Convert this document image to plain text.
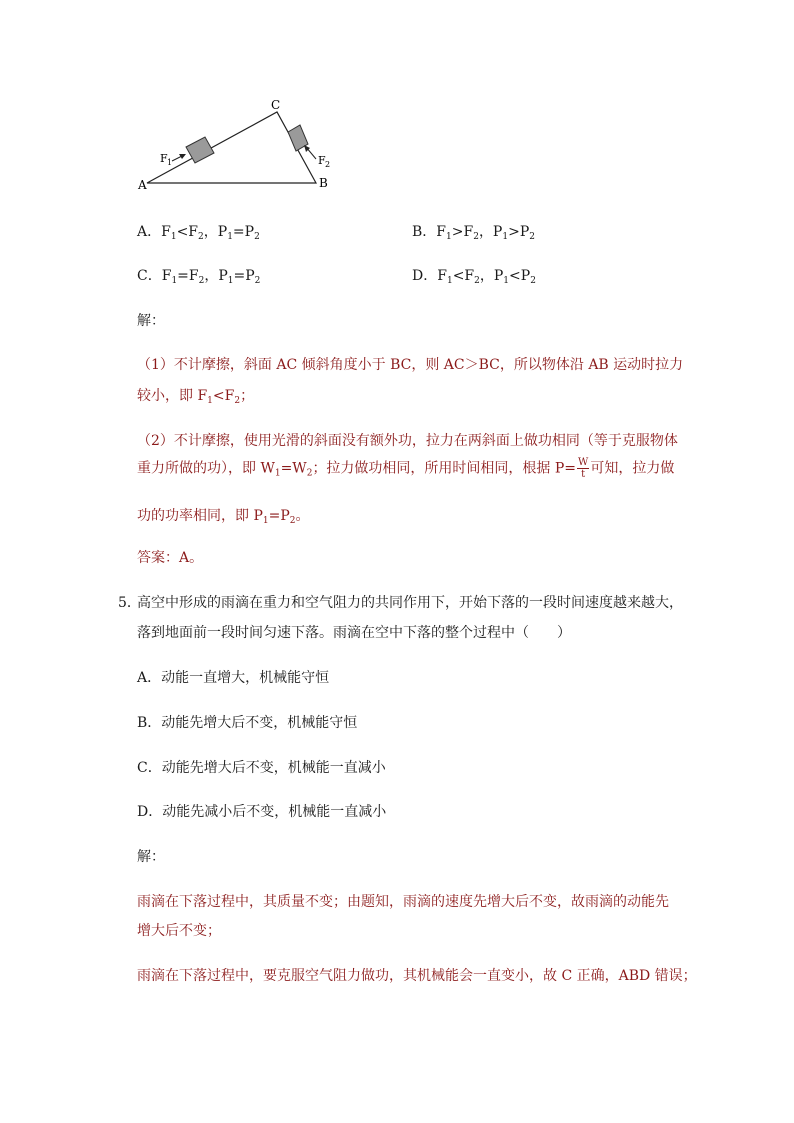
A	B
C
F 1	F 2
A．$F_1<F_2$，$P_1=P_2$	B．$F_1>F_2$，$P_1>P_2$
C．$F_1=F_2$，$P_1=P_2$	D．$F_1<F_2$，$P_1<P_2$
解：
（1）不计摩擦，斜面 AC 倾斜角度小于 BC，则 AC＞BC，所以物体沿 AB 运动时拉力
较小，即 $F_1<F_2$；
（2）不计摩擦，使用光滑的斜面没有额外功，拉力在两斜面上做功相同（等于克服物体
重力所做的功），即 $W_1=W_2$；拉力做功相同，所用时间相同，根据 $P= \frac{W}{t}$ 可知，拉力做
功的功率相同，即 $P_1=P_2$。
答案：A。
5．
高空中形成的雨滴在重力和空气阻力的共同作用下，开始下落的一段时间速度越来越大，
落到地面前一段时间匀速下落。雨滴在空中下落的整个过程中（　　）
A．动能一直增大，机械能守恒
B．动能先增大后不变，机械能守恒
C．动能先增大后不变，机械能一直减小
D．动能先减小后不变，机械能一直减小
解：
雨滴在下落过程中，其质量不变；由题知，雨滴的速度先增大后不变，故雨滴的动能先
增大后不变；
雨滴在下落过程中，要克服空气阻力做功，其机械能会一直变小，故 C 正确，ABD 错误；
